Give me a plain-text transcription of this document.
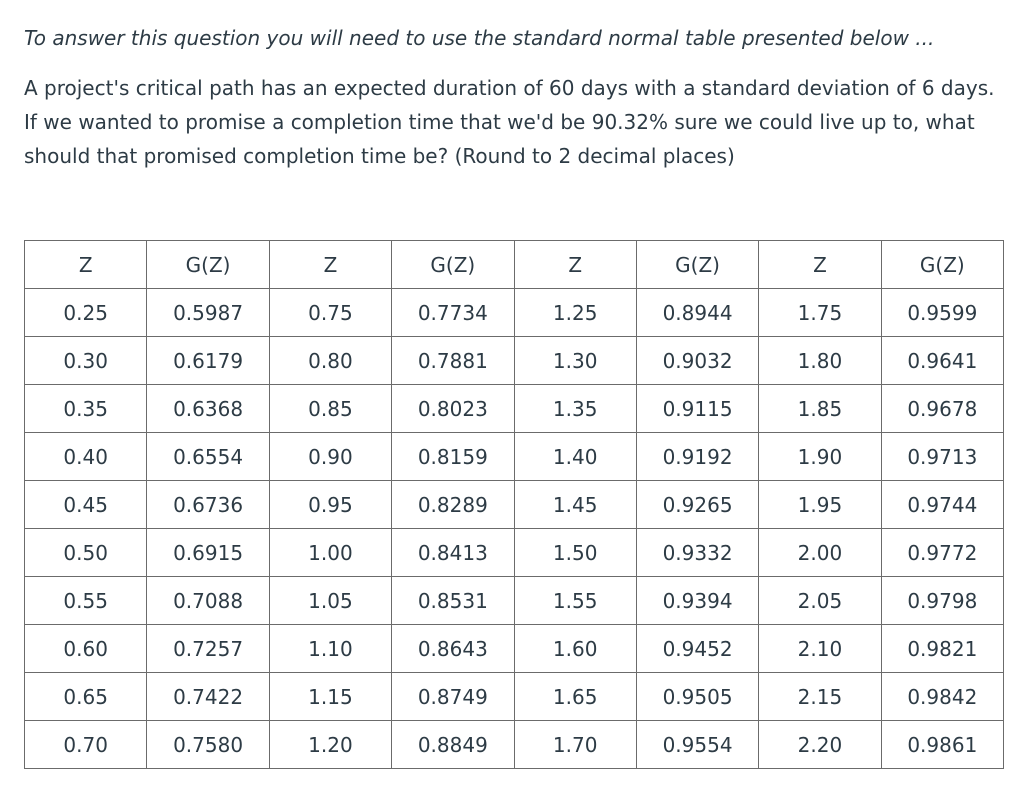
To answer this question you will need to use the standard normal table presented below ...
A project's critical path has an expected duration of 60 days with a standard deviation of 6 days. If we wanted to promise a completion time that we'd be 90.32% sure we could live up to, what should that promised completion time be? (Round to 2 decimal places)
Z	G(Z)	Z	G(Z)	Z	G(Z)	Z	G(Z)
0.25	0.5987	0.75	0.7734	1.25	0.8944	1.75	0.9599
0.30	0.6179	0.80	0.7881	1.30	0.9032	1.80	0.9641
0.35	0.6368	0.85	0.8023	1.35	0.9115	1.85	0.9678
0.40	0.6554	0.90	0.8159	1.40	0.9192	1.90	0.9713
0.45	0.6736	0.95	0.8289	1.45	0.9265	1.95	0.9744
0.50	0.6915	1.00	0.8413	1.50	0.9332	2.00	0.9772
0.55	0.7088	1.05	0.8531	1.55	0.9394	2.05	0.9798
0.60	0.7257	1.10	0.8643	1.60	0.9452	2.10	0.9821
0.65	0.7422	1.15	0.8749	1.65	0.9505	2.15	0.9842
0.70	0.7580	1.20	0.8849	1.70	0.9554	2.20	0.9861
